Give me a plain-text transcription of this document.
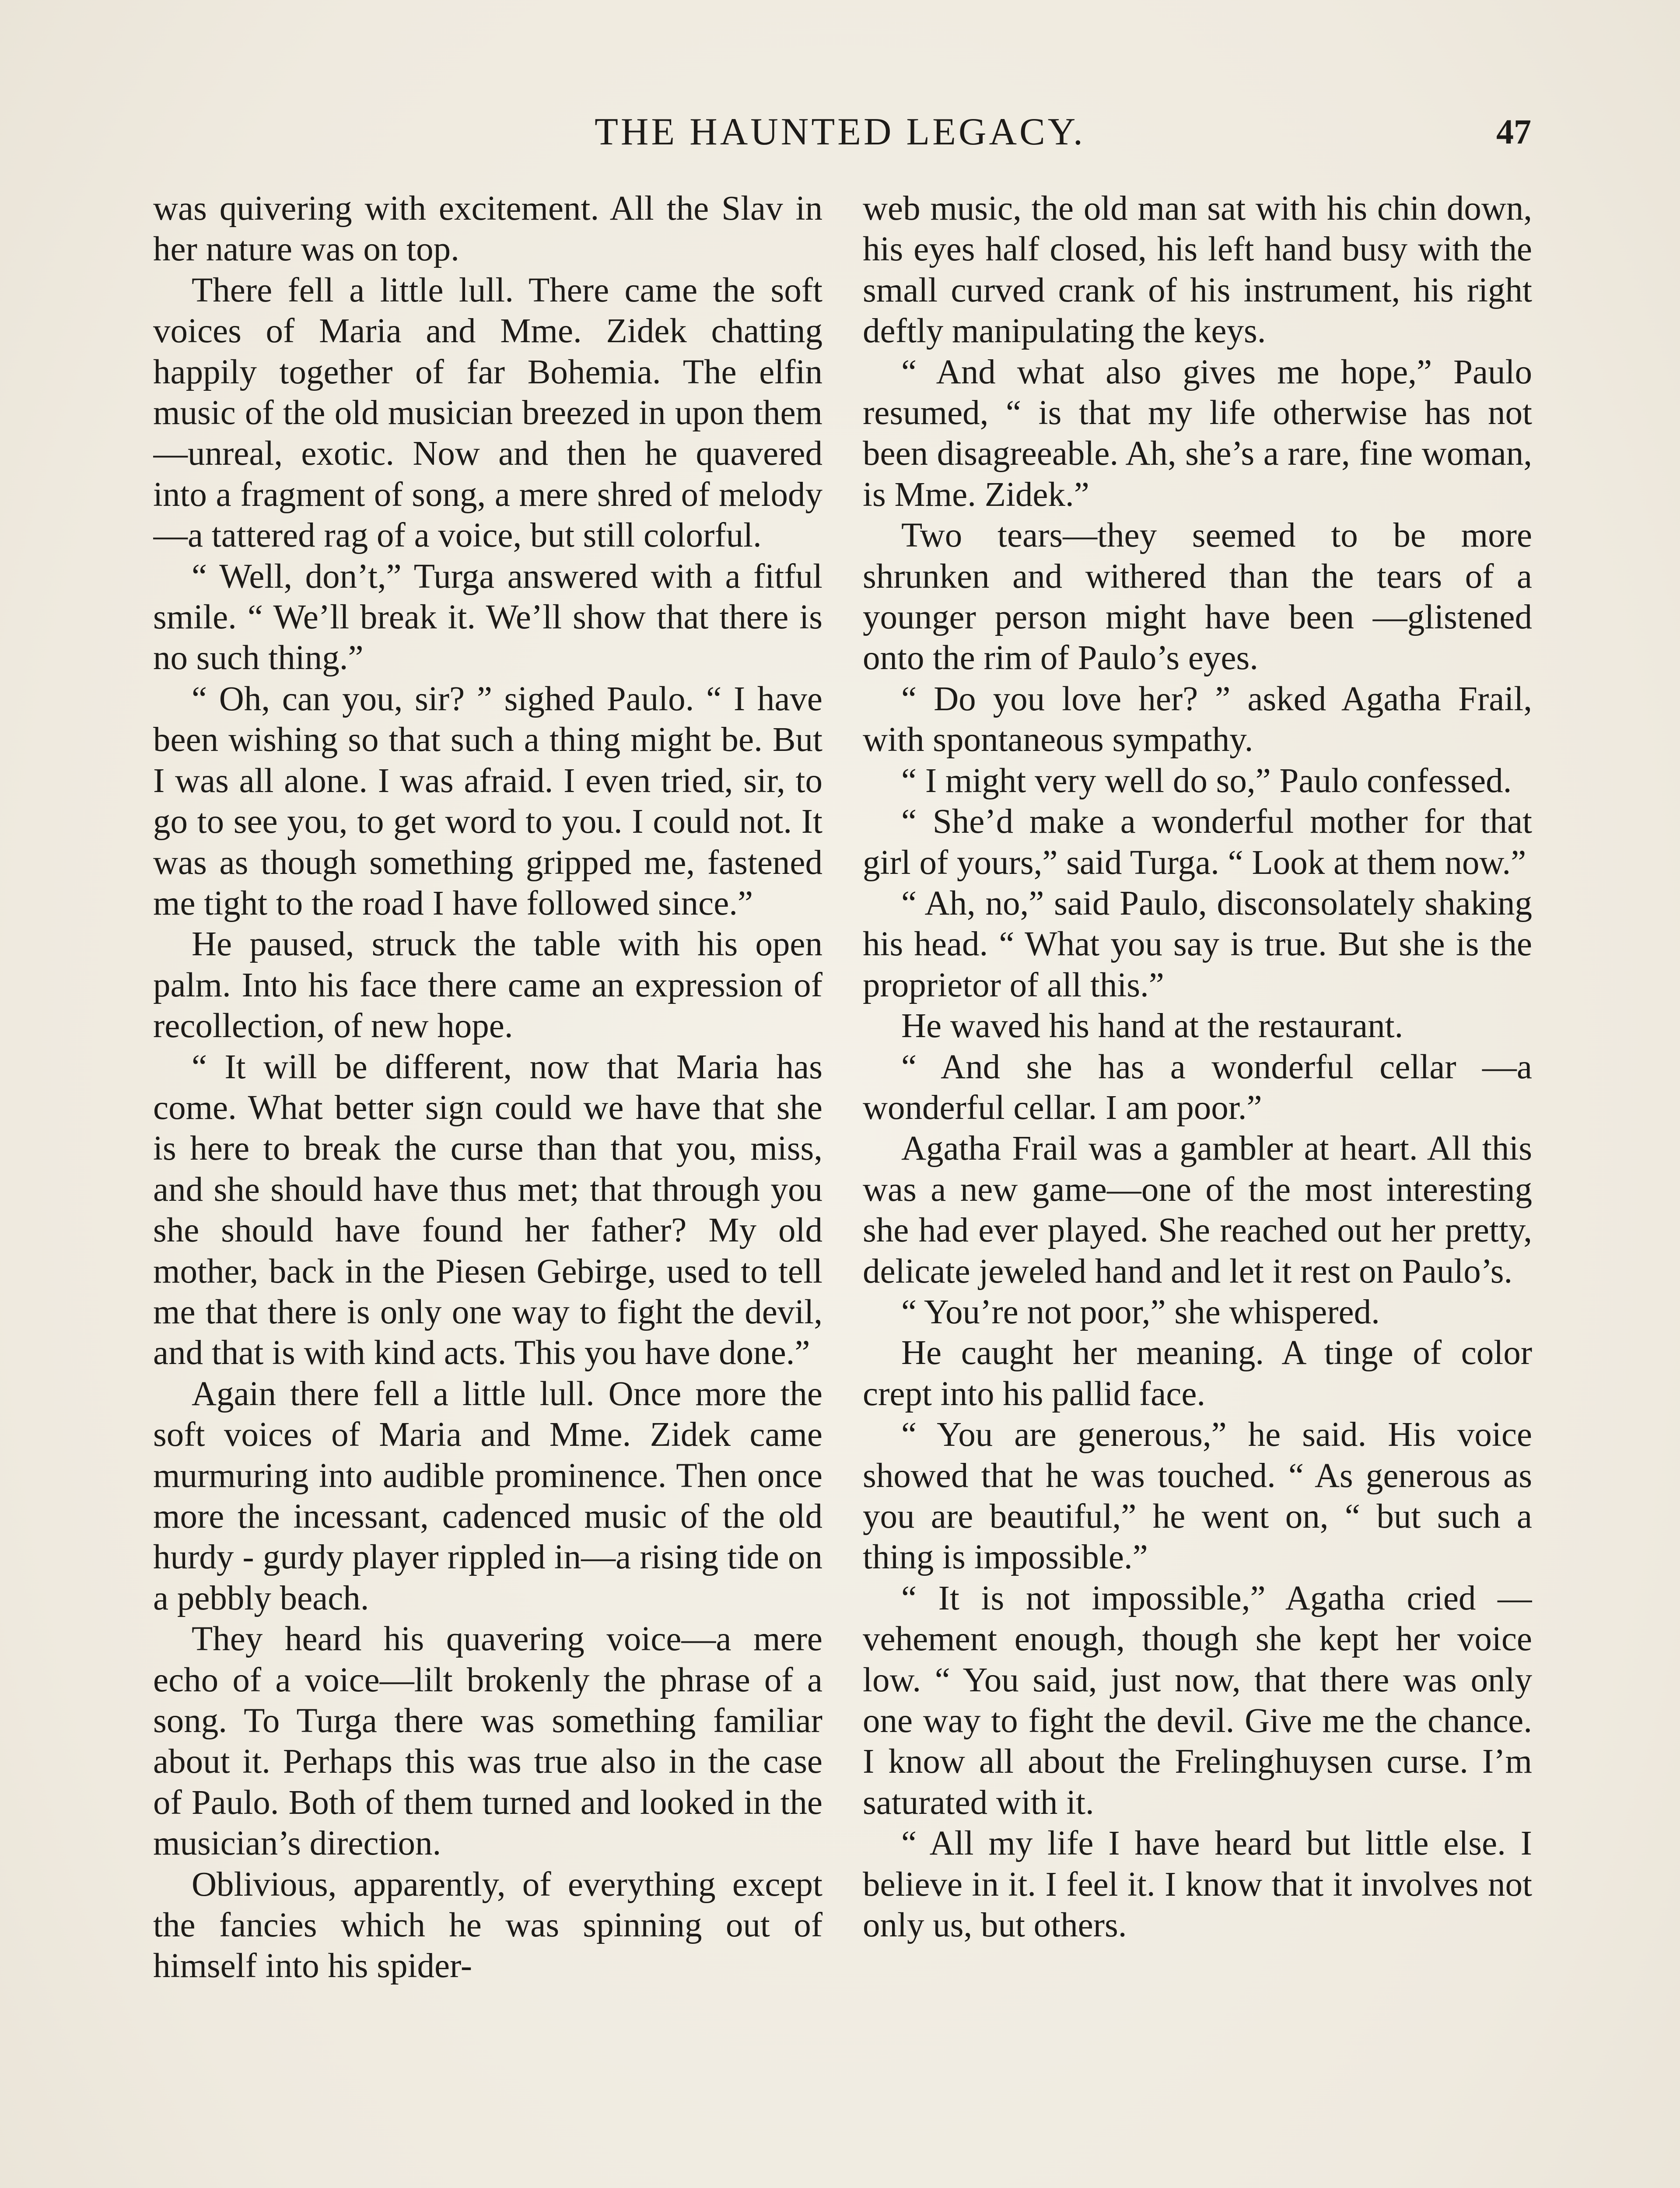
THE HAUNTED LEGACY.	47

was quivering with excitement. All the Slav in her nature was on top.

There fell a little lull. There came the soft voices of Maria and Mme. Zidek chatting happily together of far Bohemia. The elfin music of the old musician breezed in upon them—unreal, exotic. Now and then he quavered into a fragment of song, a mere shred of melody—a tattered rag of a voice, but still colorful.

“ Well, don’t,” Turga answered with a fitful smile. “ We’ll break it. We’ll show that there is no such thing.”

“ Oh, can you, sir? ” sighed Paulo. “ I have been wishing so that such a thing might be. But I was all alone. I was afraid. I even tried, sir, to go to see you, to get word to you. I could not. It was as though something gripped me, fastened me tight to the road I have followed since.”

He paused, struck the table with his open palm. Into his face there came an expression of recollection, of new hope.

“ It will be different, now that Maria has come. What better sign could we have that she is here to break the curse than that you, miss, and she should have thus met; that through you she should have found her father? My old mother, back in the Piesen Gebirge, used to tell me that there is only one way to fight the devil, and that is with kind acts. This you have done.”

Again there fell a little lull. Once more the soft voices of Maria and Mme. Zidek came murmuring into audible prominence. Then once more the incessant, cadenced music of the old hurdy - gurdy player rippled in—a rising tide on a pebbly beach.

They heard his quavering voice—a mere echo of a voice—lilt brokenly the phrase of a song. To Turga there was something familiar about it. Perhaps this was true also in the case of Paulo. Both of them turned and looked in the musician’s direction.

Oblivious, apparently, of everything except the fancies which he was spinning out of himself into his spider-

web music, the old man sat with his chin down, his eyes half closed, his left hand busy with the small curved crank of his instrument, his right deftly manipulating the keys.

“ And what also gives me hope,” Paulo resumed, “ is that my life otherwise has not been disagreeable. Ah, she’s a rare, fine woman, is Mme. Zidek.”

Two tears—they seemed to be more shrunken and withered than the tears of a younger person might have been —glistened onto the rim of Paulo’s eyes.

“ Do you love her? ” asked Agatha Frail, with spontaneous sympathy.

“ I might very well do so,” Paulo confessed.

“ She’d make a wonderful mother for that girl of yours,” said Turga. “ Look at them now.”

“ Ah, no,” said Paulo, disconsolately shaking his head. “ What you say is true. But she is the proprietor of all this.”

He waved his hand at the restaurant.

“ And she has a wonderful cellar —a wonderful cellar. I am poor.”

Agatha Frail was a gambler at heart. All this was a new game—one of the most interesting she had ever played. She reached out her pretty, delicate jeweled hand and let it rest on Paulo’s.

“ You’re not poor,” she whispered.

He caught her meaning. A tinge of color crept into his pallid face.

“ You are generous,” he said. His voice showed that he was touched. “ As generous as you are beautiful,” he went on, “ but such a thing is impossible.”

“ It is not impossible,” Agatha cried —vehement enough, though she kept her voice low. “ You said, just now, that there was only one way to fight the devil. Give me the chance. I know all about the Frelinghuysen curse. I’m saturated with it.

“ All my life I have heard but little else. I believe in it. I feel it. I know that it involves not only us, but others.
